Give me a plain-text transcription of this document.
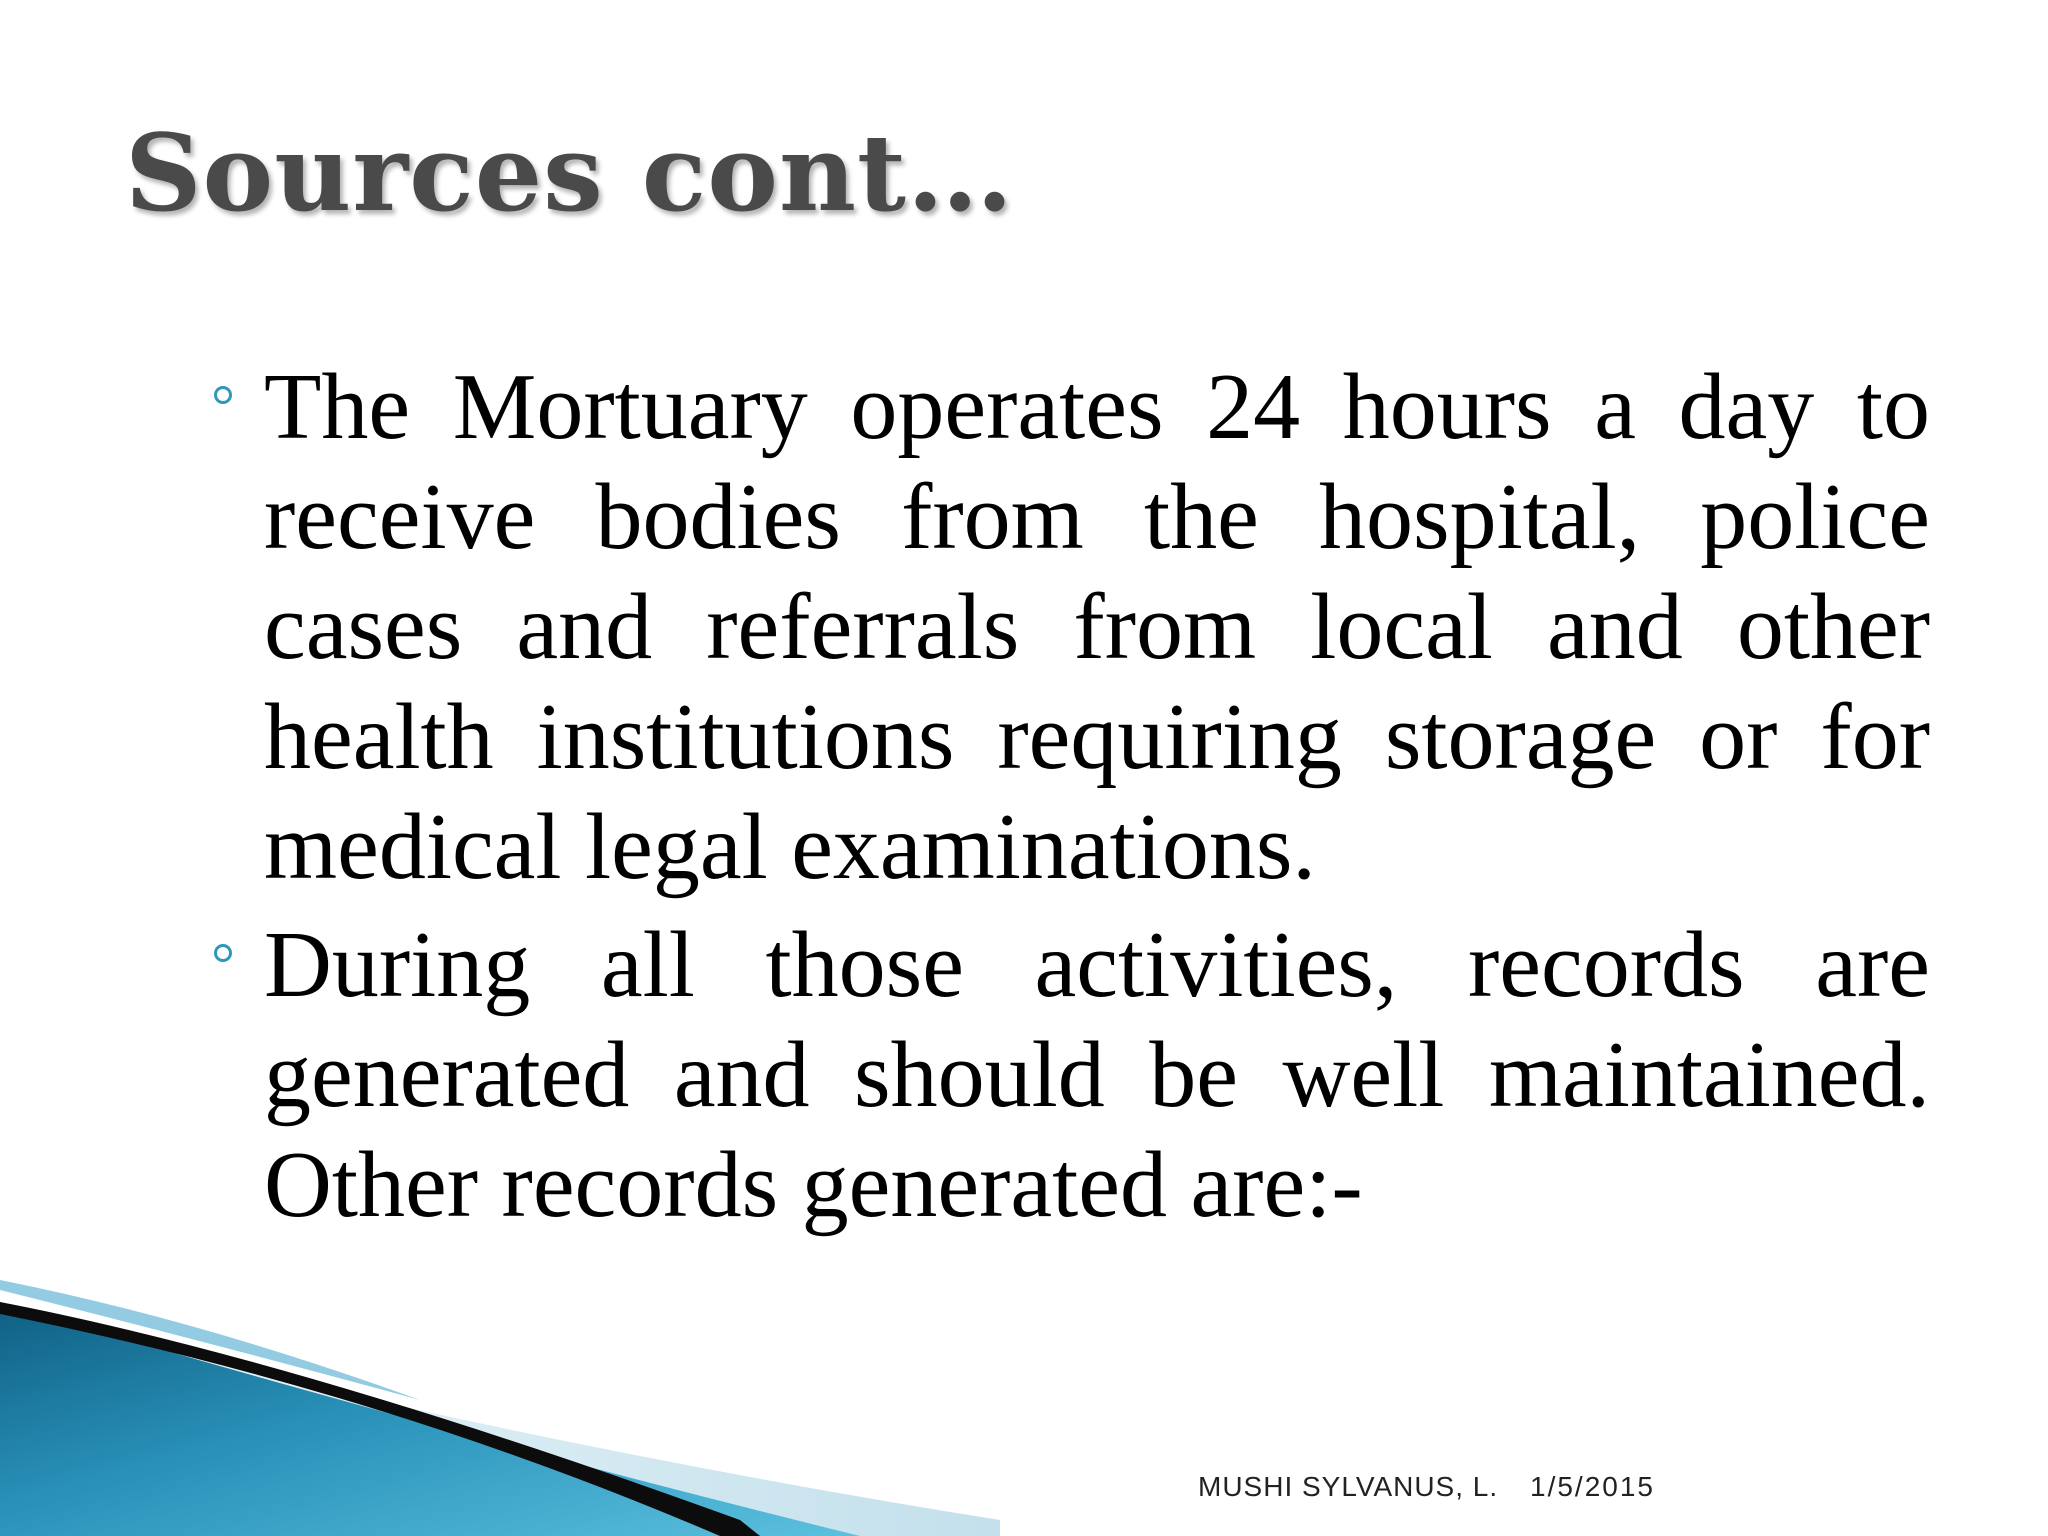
Sources cont…
The Mortuary operates 24 hours a day to receive bodies from the hospital, police cases and referrals from local and other health institutions requiring storage or for medical legal examinations.
During all those activities, records are generated and should be well maintained. Other records generated are:-
MUSHI SYLVANUS, L. 1/5/2015
